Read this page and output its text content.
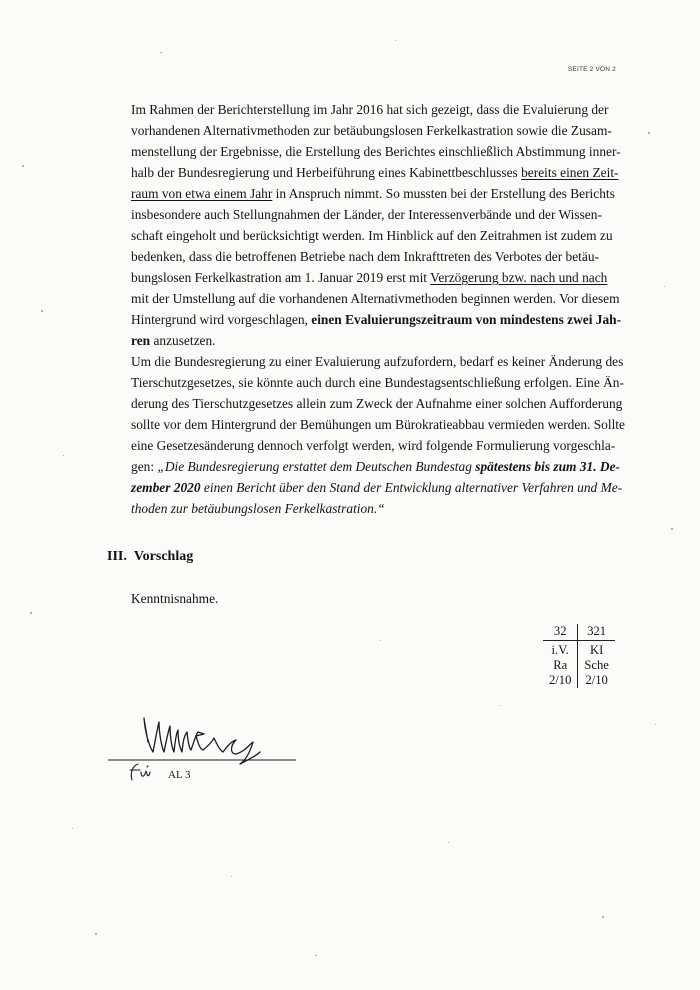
SEITE 2 VON 2
Im Rahmen der Berichterstellung im Jahr 2016 hat sich gezeigt, dass die Evaluierung der
vorhandenen Alternativmethoden zur betäubungslosen Ferkelkastration sowie die Zusam-
menstellung der Ergebnisse, die Erstellung des Berichtes einschließlich Abstimmung inner-
halb der Bundesregierung und Herbeiführung eines Kabinettbeschlusses bereits einen Zeit-
raum von etwa einem Jahr in Anspruch nimmt. So mussten bei der Erstellung des Berichts
insbesondere auch Stellungnahmen der Länder, der Interessenverbände und der Wissen-
schaft eingeholt und berücksichtigt werden. Im Hinblick auf den Zeitrahmen ist zudem zu
bedenken, dass die betroffenen Betriebe nach dem Inkrafttreten des Verbotes der betäu-
bungslosen Ferkelkastration am 1. Januar 2019 erst mit Verzögerung bzw. nach und nach
mit der Umstellung auf die vorhandenen Alternativmethoden beginnen werden. Vor diesem
Hintergrund wird vorgeschlagen, einen Evaluierungszeitraum von mindestens zwei Jah-
ren anzusetzen.
Um die Bundesregierung zu einer Evaluierung aufzufordern, bedarf es keiner Änderung des
Tierschutzgesetzes, sie könnte auch durch eine Bundestagsentschließung erfolgen. Eine Än-
derung des Tierschutzgesetzes allein zum Zweck der Aufnahme einer solchen Aufforderung
sollte vor dem Hintergrund der Bemühungen um Bürokratieabbau vermieden werden. Sollte
eine Gesetzesänderung dennoch verfolgt werden, wird folgende Formulierung vorgeschla-
gen: „Die Bundesregierung erstattet dem Deutschen Bundestag spätestens bis zum 31. De-
zember 2020 einen Bericht über den Stand der Entwicklung alternativer Verfahren und Me-
thoden zur betäubungslosen Ferkelkastration.“
III. Vorschlag
Kenntnisnahme.
32	321
i.V.	KI
Ra	Sche
2/10	2/10
AL 3
